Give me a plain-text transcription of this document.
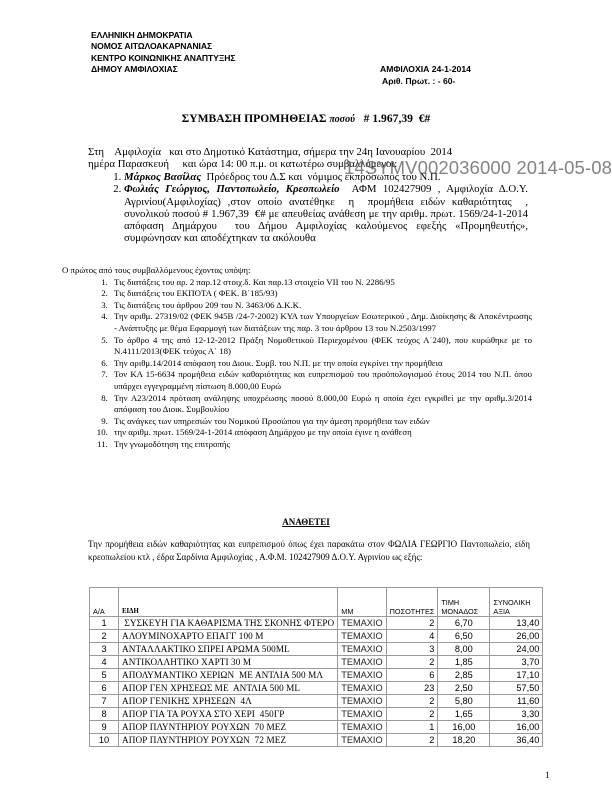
ΕΛΛΗΝΙΚΗ ΔΗΜΟΚΡΑΤΙΑ
ΝΟΜΟΣ ΑΙΤΩΛΟΑΚΑΡΝΑΝΙΑΣ
ΚΕΝΤΡΟ ΚΟΙΝΩΝΙΚΗΣ ΑΝΑΠΤΥΞΗΣ
ΔΗΜΟΥ ΑΜΦΙΛΟΧΙΑΣ	ΑΜΦΙΛΟΧΙΑ 24-1-2014
Αριθ. Πρωτ. : - 60-
ΣΥΜΒΑΣΗ ΠΡΟΜΗΘΕΙΑΣ ποσού   # 1.967,39  €#
Στη    Αμφιλοχία   και στο Δημοτικό Κατάστημα, σήμερα την 24η Ιανουαρίου  2014
ημέρα Παρασκευή     και ώρα 14: 00 π.μ. οι κατωτέρω συμβαλλόμενοι:
1. Μάρκος Βασίλας  Πρόεδρος του Δ.Σ και  νόμιμος εκπρόσωπος του Ν.Π.
2. Φωλιάς Γεώργιος, Παντοπωλείο, Κρεοπωλείο  ΑΦΜ 102427909 , Αμφιλοχία Δ.Ο.Υ. Αγρινίου(Αμφιλοχίας) ,στον οποίο ανατέθηκε  η  προμήθεια ειδών καθαριότητας  , συνολικού ποσού # 1.967,39  €# με απευθείας ανάθεση με την αριθμ. πρωτ. 1569/24-1-2014  απόφαση Δημάρχου  του Δήμου Αμφιλοχίας καλούμενος εφεξής «Προμηθευτής», συμφώνησαν και αποδέχτηκαν τα ακόλουθα
14SYMV002036000 2014-05-08
Ο πρώτος από τους συμβαλλόμενους έχοντας υπόψη:
1. Τις διατάξεις του αρ. 2 παρ.12 στοιχ.δ. Και παρ.13 στοιχείο VII του Ν. 2286/95
2. Τις διατάξεις του ΕΚΠΟΤΑ ( ΦΕΚ. Β΄185/93)
3. Τις διατάξεις του άρθρου 209 του Ν. 3463/06 Δ.Κ.Κ.
4. Την αριθμ. 27319/02 (ΦΕΚ 945Β /24-7-2002) ΚΥΑ των Υπουργείων Εσωτερικού , Δημ. Διοίκησης & Αποκέντρωσης - Ανάπτυξης με θέμα Εφαρμογή των διατάξεων της παρ. 3 του άρθρου 13 του Ν.2503/1997
5. Το άρθρο 4 της από 12-12-2012 Πράξη Νομοθετικού Περιεχομένου (ΦΕΚ τεύχος Α΄240), που κυρώθηκε με το Ν.4111/2013(ΦΕΚ τεύχος Α΄ 18)
6. Την αριθμ.14/2014 απόφαση του Διοικ. Συμβ. του Ν.Π. με την οποία εγκρίνει την προμήθεια
7. Τον ΚΑ 15-6634 προμήθεια ειδών καθαριότητας και ευπρεπισμού του προϋπολογισμού έτους 2014 του Ν.Π. όπου υπάρχει εγγεγραμμένη πίστωση 8.000,00 Ευρώ
8. Την Α23/2014 πρόταση ανάληψης υποχρέωσης ποσού 8.000,00 Ευρώ η οποία έχει εγκριθεί με την αριθμ.3/2014 απόφαση του Διοικ. Συμβουλίου
9. Τις ανάγκες των υπηρεσιών του Νομικού Προσώπου για την άμεση προμήθεια των ειδών
10. την αριθμ. πρωτ. 1569/24-1-2014 απόφαση Δημάρχου με την οποία έγινε η ανάθεση
11. Την γνωμοδότηση της επιτροπής
ΑΝΑΘΕΤΕΙ
Την προμήθεια ειδών καθαριότητας και ευπρεπισμού όπως έχει παρακάτω στον ΦΩΛΙΑ ΓΕΩΡΓΙΟ Παντοπωλείο, είδη κρεοπωλείου κτλ , έδρα Σαρδίνια Αμφιλοχίας , Α.Φ.Μ. 102427909 Δ.Ο.Υ. Αγρινίου ως εξής:
Α/Α	ΕΙΔΗ	ΜΜ	ΠΟΣΟΤΗΤΕΣ	ΤΙΜΗ ΜΟΝΑΔΟΣ	ΣΥΝΟΛΙΚΗ ΑΞΙΑ
1	ΣΥΣΚΕΥΗ ΓΙΑ ΚΑΘΑΡΙΣΜΑ ΤΗΣ ΣΚΟΝΗΣ ΦΤΕΡΟ	ΤΕΜΑΧΙΟ	2	6,70	13,40
2	ΑΛΟΥΜΙΝΟΧΑΡΤΟ ΕΠΑΓΓ 100 Μ	ΤΕΜΑΧΙΟ	4	6,50	26,00
3	ΑΝΤΑΛΛΑΚΤΙΚΟ ΣΠΡΕΙ ΑΡΩΜΑ 500ML	ΤΕΜΑΧΙΟ	3	8,00	24,00
4	ΑΝΤΙΚΟΛΛΗΤΙΚΟ ΧΑΡΤΙ 30 Μ	ΤΕΜΑΧΙΟ	2	1,85	3,70
5	ΑΠΟΛΥΜΑΝΤΙΚΟ ΧΕΡΙΩΝ  ΜΕ ΑΝΤΛΙΑ 500 ΜΛ	ΤΕΜΑΧΙΟ	6	2,85	17,10
6	ΑΠΟΡ ΓΕΝ ΧΡΗΣΕΩΣ ΜΕ  ΑΝΤΛΙΑ 500 ML	ΤΕΜΑΧΙΟ	23	2,50	57,50
7	ΑΠΟΡ ΓΕΝΙΚΗΣ ΧΡΗΣΕΩΝ  4Λ	ΤΕΜΑΧΙΟ	2	5,80	11,60
8	ΑΠΟΡ ΓΙΑ ΤΑ ΡΟΥΧΑ ΣΤΟ ΧΕΡΙ  450ΓΡ	ΤΕΜΑΧΙΟ	2	1,65	3,30
9	ΑΠΟΡ ΠΛΥΝΤΗΡΙΟΥ ΡΟΥΧΩΝ  70 ΜΕΖ	ΤΕΜΑΧΙΟ	1	16,00	16,00
10	ΑΠΟΡ ΠΛΥΝΤΗΡΙΟΥ ΡΟΥΧΩΝ  72 ΜΕΖ	ΤΕΜΑΧΙΟ	2	18,20	36,40
1
